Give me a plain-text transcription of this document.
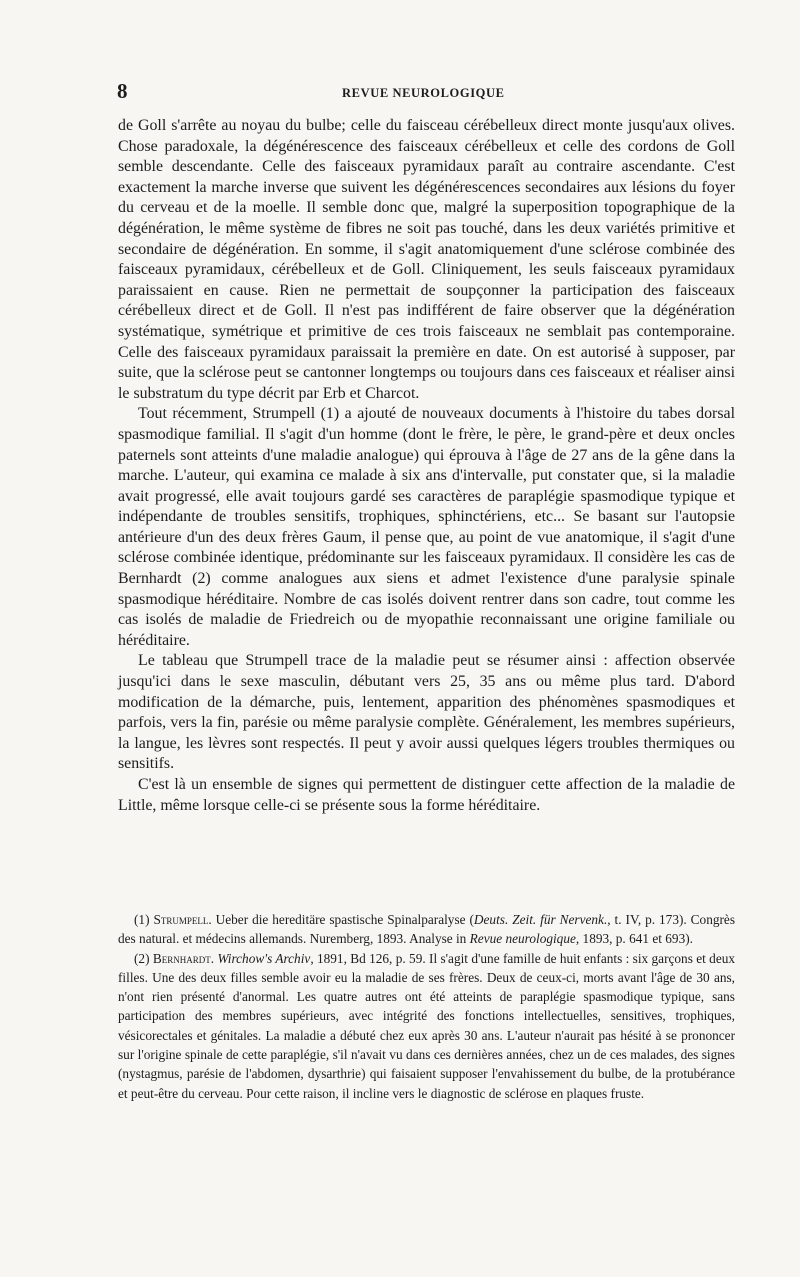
8	REVUE NEUROLOGIQUE

de Goll s'arrête au noyau du bulbe; celle du faisceau cérébelleux direct monte jusqu'aux olives. Chose paradoxale, la dégénérescence des faisceaux cérébelleux et celle des cordons de Goll semble descendante. Celle des faisceaux pyramidaux paraît au contraire ascendante. C'est exactement la marche inverse que suivent les dégénérescences secondaires aux lésions du foyer du cerveau et de la moelle. Il semble donc que, malgré la superposition topographique de la dégénération, le même système de fibres ne soit pas touché, dans les deux variétés primitive et secondaire de dégénération. En somme, il s'agit anatomiquement d'une sclérose combinée des faisceaux pyramidaux, cérébelleux et de Goll. Cliniquement, les seuls faisceaux pyramidaux paraissaient en cause. Rien ne permettait de soupçonner la participation des faisceaux cérébelleux direct et de Goll. Il n'est pas indifférent de faire observer que la dégénération systématique, symétrique et primitive de ces trois faisceaux ne semblait pas contemporaine. Celle des faisceaux pyramidaux paraissait la première en date. On est autorisé à supposer, par suite, que la sclérose peut se cantonner longtemps ou toujours dans ces faisceaux et réaliser ainsi le substratum du type décrit par Erb et Charcot.

Tout récemment, Strumpell (1) a ajouté de nouveaux documents à l'histoire du tabes dorsal spasmodique familial. Il s'agit d'un homme (dont le frère, le père, le grand-père et deux oncles paternels sont atteints d'une maladie analogue) qui éprouva à l'âge de 27 ans de la gêne dans la marche. L'auteur, qui examina ce malade à six ans d'intervalle, put constater que, si la maladie avait progressé, elle avait toujours gardé ses caractères de paraplégie spasmodique typique et indépendante de troubles sensitifs, trophiques, sphinctériens, etc... Se basant sur l'autopsie antérieure d'un des deux frères Gaum, il pense que, au point de vue anatomique, il s'agit d'une sclérose combinée identique, prédominante sur les faisceaux pyramidaux. Il considère les cas de Bernhardt (2) comme analogues aux siens et admet l'existence d'une paralysie spinale spasmodique héréditaire. Nombre de cas isolés doivent rentrer dans son cadre, tout comme les cas isolés de maladie de Friedreich ou de myopathie reconnaissant une origine familiale ou héréditaire.

Le tableau que Strumpell trace de la maladie peut se résumer ainsi : affection observée jusqu'ici dans le sexe masculin, débutant vers 25, 35 ans ou même plus tard. D'abord modification de la démarche, puis, lentement, apparition des phénomènes spasmodiques et parfois, vers la fin, parésie ou même paralysie complète. Généralement, les membres supérieurs, la langue, les lèvres sont respectés. Il peut y avoir aussi quelques légers troubles thermiques ou sensitifs.

C'est là un ensemble de signes qui permettent de distinguer cette affection de la maladie de Little, même lorsque celle-ci se présente sous la forme héréditaire.

(1) Strumpell. Ueber die hereditäre spastische Spinalparalyse (Deuts. Zeit. für Nervenk., t. IV, p. 173). Congrès des natural. et médecins allemands. Nuremberg, 1893. Analyse in Revue neurologique, 1893, p. 641 et 693).

(2) Bernhardt. Wirchow's Archiv, 1891, Bd 126, p. 59. Il s'agit d'une famille de huit enfants : six garçons et deux filles. Une des deux filles semble avoir eu la maladie de ses frères. Deux de ceux-ci, morts avant l'âge de 30 ans, n'ont rien présenté d'anormal. Les quatre autres ont été atteints de paraplégie spasmodique typique, sans participation des membres supérieurs, avec intégrité des fonctions intellectuelles, sensitives, trophiques, vésicorectales et génitales. La maladie a débuté chez eux après 30 ans. L'auteur n'aurait pas hésité à se prononcer sur l'origine spinale de cette paraplégie, s'il n'avait vu dans ces dernières années, chez un de ces malades, des signes (nystagmus, parésie de l'abdomen, dysarthrie) qui faisaient supposer l'envahissement du bulbe, de la protubérance et peut-être du cerveau. Pour cette raison, il incline vers le diagnostic de sclérose en plaques fruste.
